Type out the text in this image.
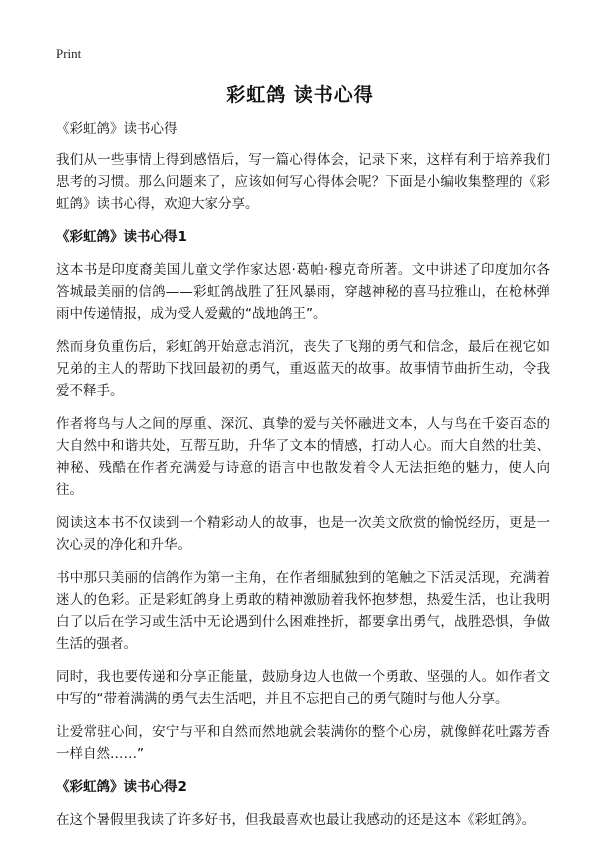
Print
彩虹鸽 读书心得
《彩虹鸽》读书心得
我们从一些事情上得到感悟后，写一篇心得体会，记录下来，这样有利于培养我们思考的习惯。那么问题来了，应该如何写心得体会呢？下面是小编收集整理的《彩虹鸽》读书心得，欢迎大家分享。
《彩虹鸽》读书心得1
这本书是印度裔美国儿童文学作家达恩·葛帕·穆克奇所著。文中讲述了印度加尔各答城最美丽的信鸽——彩虹鸽战胜了狂风暴雨，穿越神秘的喜马拉雅山，在枪林弹雨中传递情报，成为受人爱戴的“战地鸽王”。
然而身负重伤后，彩虹鸽开始意志消沉，丧失了飞翔的勇气和信念，最后在视它如兄弟的主人的帮助下找回最初的勇气，重返蓝天的故事。故事情节曲折生动，令我爱不释手。
作者将鸟与人之间的厚重、深沉、真挚的爱与关怀融进文本，人与鸟在千姿百态的大自然中和谐共处，互帮互助，升华了文本的情感，打动人心。而大自然的壮美、神秘、残酷在作者充满爱与诗意的语言中也散发着令人无法拒绝的魅力，使人向往。
阅读这本书不仅读到一个精彩动人的故事，也是一次美文欣赏的愉悦经历，更是一次心灵的净化和升华。
书中那只美丽的信鸽作为第一主角，在作者细腻独到的笔触之下活灵活现，充满着迷人的色彩。正是彩虹鸽身上勇敢的精神激励着我怀抱梦想，热爱生活，也让我明白了以后在学习或生活中无论遇到什么困难挫折，都要拿出勇气，战胜恐惧，争做生活的强者。
同时，我也要传递和分享正能量，鼓励身边人也做一个勇敢、坚强的人。如作者文中写的“带着满满的勇气去生活吧，并且不忘把自己的勇气随时与他人分享。
让爱常驻心间，安宁与平和自然而然地就会装满你的整个心房，就像鲜花吐露芳香一样自然……”
《彩虹鸽》读书心得2
在这个暑假里我读了许多好书，但我最喜欢也最让我感动的还是这本《彩虹鸽》。
